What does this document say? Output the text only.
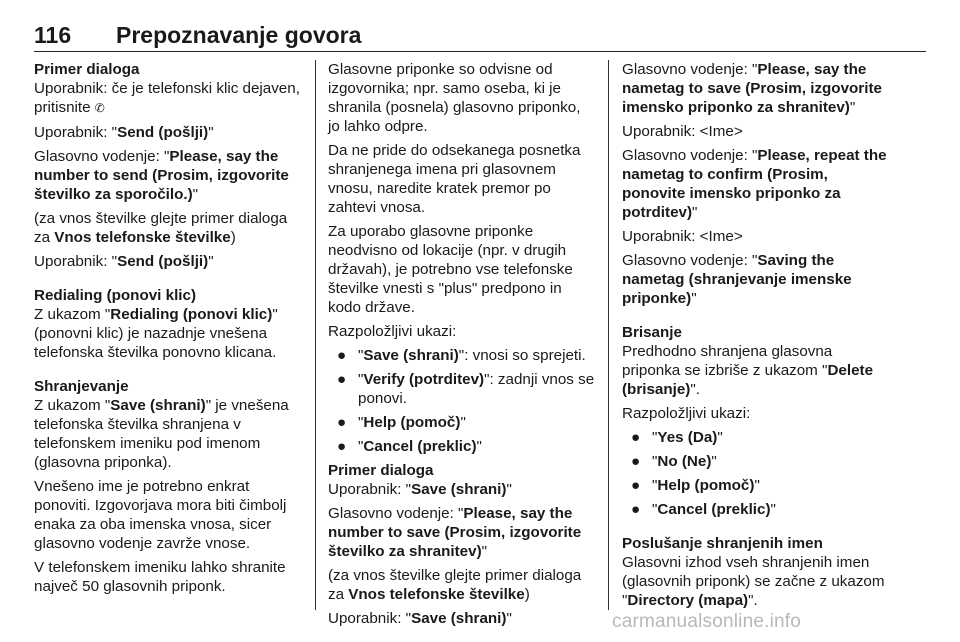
116 Prepoznavanje govora
Primer dialoga

Uporabnik: če je telefonski klic dejaven, pritisnite ✆

Uporabnik: "Send (pošlji)"

Glasovno vodenje: "Please, say the number to send (Prosim, izgovorite številko za sporočilo.)"

(za vnos številke glejte primer dialoga za Vnos telefonske številke)

Uporabnik: "Send (pošlji)"

Redialing (ponovi klic)

Z ukazom "Redialing (ponovi klic)" (ponovni klic) je nazadnje vnešena telefonska številka ponovno klicana.

Shranjevanje

Z ukazom "Save (shrani)" je vnešena telefonska številka shranjena v telefonskem imeniku pod imenom (glasovna priponka).

Vnešeno ime je potrebno enkrat ponoviti. Izgovorjava mora biti čimbolj enaka za oba imenska vnosa, sicer glasovno vodenje zavrže vnose.

V telefonskem imeniku lahko shranite največ 50 glasovnih priponk.

Glasovne priponke so odvisne od izgovornika; npr. samo oseba, ki je shranila (posnela) glasovno priponko, jo lahko odpre.

Da ne pride do odsekanega posnetka shranjenega imena pri glasovnem vnosu, naredite kratek premor po zahtevi vnosa.

Za uporabo glasovne priponke neodvisno od lokacije (npr. v drugih državah), je potrebno vse telefonske številke vnesti s "plus" predpono in kodo države.

Razpoložljivi ukazi:

● "Save (shrani)": vnosi so sprejeti.
● "Verify (potrditev)": zadnji vnos se ponovi.
● "Help (pomoč)"
● "Cancel (preklic)"
Primer dialoga

Uporabnik: "Save (shrani)"

Glasovno vodenje: "Please, say the number to save (Prosim, izgovorite številko za shranitev)"

(za vnos številke glejte primer dialoga za Vnos telefonske številke)

Uporabnik: "Save (shrani)"

Glasovno vodenje: "Please, say the nametag to save (Prosim, izgovorite imensko priponko za shranitev)"

Uporabnik: <Ime>

Glasovno vodenje: "Please, repeat the nametag to confirm (Prosim, ponovite imensko priponko za potrditev)"

Uporabnik: <Ime>

Glasovno vodenje: "Saving the nametag (shranjevanje imenske priponke)"

Brisanje

Predhodno shranjena glasovna priponka se izbriše z ukazom "Delete (brisanje)".

Razpoložljivi ukazi:

● "Yes (Da)"
● "No (Ne)"
● "Help (pomoč)"
● "Cancel (preklic)"
Poslušanje shranjenih imen

Glasovni izhod vseh shranjenih imen (glasovnih priponk) se začne z ukazom "Directory (mapa)".

carmanualsonline.info
